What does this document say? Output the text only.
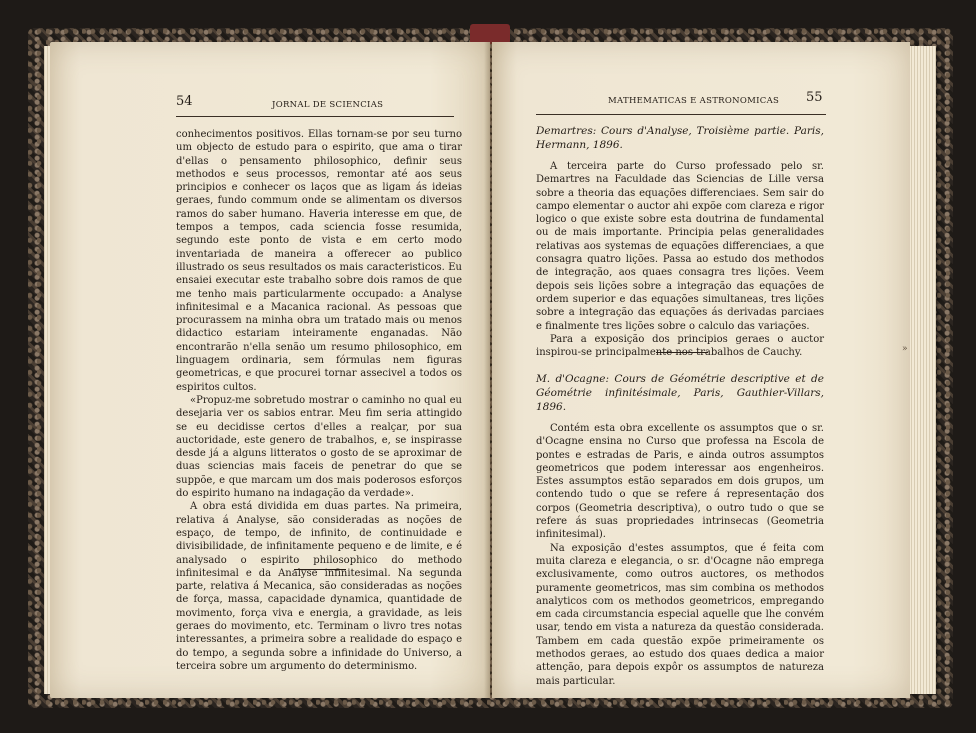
54	JORNAL DE SCIENCIAS

conhecimentos positivos. Ellas tornam-se por seu turno um objecto de estudo para o espirito, que ama o tirar d'ellas o pensamento philosophico, definir seus methodos e seus processos, remontar até aos seus principios e conhecer os laços que as ligam ás ideias geraes, fundo commum onde se alimentam os diversos ramos do saber humano. Haveria interesse em que, de tempos a tempos, cada sciencia fosse resumida, segundo este ponto de vista e em certo modo inventariada de maneira a offerecer ao publico illustrado os seus resultados os mais caracteristicos. Eu ensaiei executar este trabalho sobre dois ramos de que me tenho mais particularmente occupado: a Analyse infinitesimal e a Macanica racional. As pessoas que procurassem na minha obra um tratado mais ou menos didactico estariam inteiramente enganadas. Não encontrarão n'ella senão um resumo philosophico, em linguagem ordinaria, sem fórmulas nem figuras geometricas, e que procurei tornar assecivel a todos os espiritos cultos.

«Propuz-me sobretudo mostrar o caminho no qual eu desejaria ver os sabios entrar. Meu fim seria attingido se eu decidisse certos d'elles a realçar, por sua auctoridade, este genero de trabalhos, e, se inspirasse desde já a alguns litteratos o gosto de se aproximar de duas sciencias mais faceis de penetrar do que se suppõe, e que marcam um dos mais poderosos esforços do espirito humano na indagação da verdade».

A obra está dividida em duas partes. Na primeira, relativa á Analyse, são consideradas as noções de espaço, de tempo, de infinito, de continuidade e divisibilidade, de infinitamente pequeno e de limite, e é analysado o espirito philosophico do methodo infinitesimal e da Analyse infinitesimal. Na segunda parte, relativa á Mecanica, são consideradas as noções de força, massa, capacidade dynamica, quantidade de movimento, força viva e energia, a gravidade, as leis geraes do movimento, etc. Terminam o livro tres notas interessantes, a primeira sobre a realidade do espaço e do tempo, a segunda sobre a infinidade do Universo, a terceira sobre um argumento do determinismo.

MATHEMATICAS E ASTRONOMICAS 55

Demartres: Cours d'Analyse, Troisième partie. Paris, Hermann, 1896.

A terceira parte do Curso professado pelo sr. Demartres na Faculdade das Sciencias de Lille versa sobre a theoria das equações differenciaes. Sem sair do campo elementar o auctor ahi expõe com clareza e rigor logico o que existe sobre esta doutrina de fundamental ou de mais importante. Principia pelas generalidades relativas aos systemas de equações differenciaes, a que consagra quatro lições. Passa ao estudo dos methodos de integração, aos quaes consagra tres lições. Veem depois seis lições sobre a integração das equações de ordem superior e das equações simultaneas, tres lições sobre a integração das equações ás derivadas parciaes e finalmente tres lições sobre o calculo das variações.

Para a exposição dos principios geraes o auctor inspirou-se principalmente nos trabalhos de Cauchy.	»

M. d'Ocagne: Cours de Géométrie descriptive et de Géométrie infinitésimale, Paris, Gauthier-Villars, 1896.

Contém esta obra excellente os assumptos que o sr. d'Ocagne ensina no Curso que professa na Escola de pontes e estradas de Paris, e ainda outros assumptos geometricos que podem interessar aos engenheiros. Estes assumptos estão separados em dois grupos, um contendo tudo o que se refere á representação dos corpos (Geometria descriptiva), o outro tudo o que se refere ás suas propriedades intrinsecas (Geometria infinitesimal).

Na exposição d'estes assumptos, que é feita com muita clareza e elegancia, o sr. d'Ocagne não emprega exclusivamente, como outros auctores, os methodos puramente geometricos, mas sim combina os methodos analyticos com os methodos geometricos, empregando em cada circumstancia especial aquelle que lhe convém usar, tendo em vista a natureza da questão considerada. Tambem em cada questão expõe primeiramente os methodos geraes, ao estudo dos quaes dedica a maior attenção, para depois expôr os assumptos de natureza mais particular.
